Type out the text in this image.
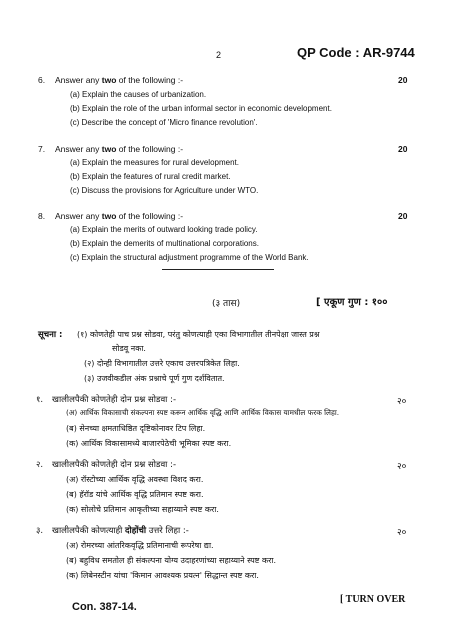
2	QP Code : AR-9744
6. Answer any two of the following :-	20
(a) Explain the causes of urbanization.
(b) Explain the role of the urban informal sector in economic development.
(c) Describe the concept of 'Micro finance revolution'.
7. Answer any two of the following :-	20
(a) Explain the measures for rural development.
(b) Explain the features of rural credit market.
(c) Discuss the provisions for Agriculture under WTO.
8. Answer any two of the following :-	20
(a) Explain the merits of outward looking trade policy.
(b) Explain the demerits of multinational corporations.
(c) Explain the structural adjustment programme of the World Bank.
(३ तास)	[ एकूण गुण : १००
सूचना : (१) कोणतेही पाच प्रश्न सोडवा, परंतु कोणत्याही एका विभागातील तीनपेक्षा जास्त प्रश्न
सोडवू नका.
(२) दोन्ही विभागातील उत्तरे एकाच उत्तरपत्रिकेत लिहा.
(३) उजवीकडील अंक प्रश्नाचे पूर्ण गुण दर्शवितात.
१. खालीलपैकी कोणतेही दोन प्रश्न सोडवा :-	२०
(अ) आर्थिक विकासाची संकल्पना स्पष्ट करून आर्थिक वृद्धि आणि आर्थिक विकास यामधील फरक लिहा.
(ब) सेनच्या क्षमताधिष्ठित दृष्टिकोनावर टिप लिहा.
(क) आर्थिक विकासामध्ये बाजारपेठेची भूमिका स्पष्ट करा.
२. खालीलपैकी कोणतेही दोन प्रश्न सोडवा :-	२०
(अ) रॉस्टोच्या आर्थिक वृद्धि अवस्था विशद करा.
(ब) हॅरॉड यांचे आर्थिक वृद्धि प्रतिमान स्पष्ट करा.
(क) सोलोचे प्रतिमान आकृतीच्या सहाय्याने स्पष्ट करा.
३. खालीलपैकी कोणत्याही दोहोंची उत्तरे लिहा :-	२०
(अ) रोमरच्या आंतरिकवृद्धि प्रतिमानाची रूपरेषा द्या.
(ब) बहुविध समतोल ही संकल्पना योग्य उदाहरणांच्या सहाय्याने स्पष्ट करा.
(क) लिबेनस्टीन यांचा 'किमान आवश्यक प्रयत्न' सिद्धान्त स्पष्ट करा.
[ TURN OVER
Con. 387-14.
